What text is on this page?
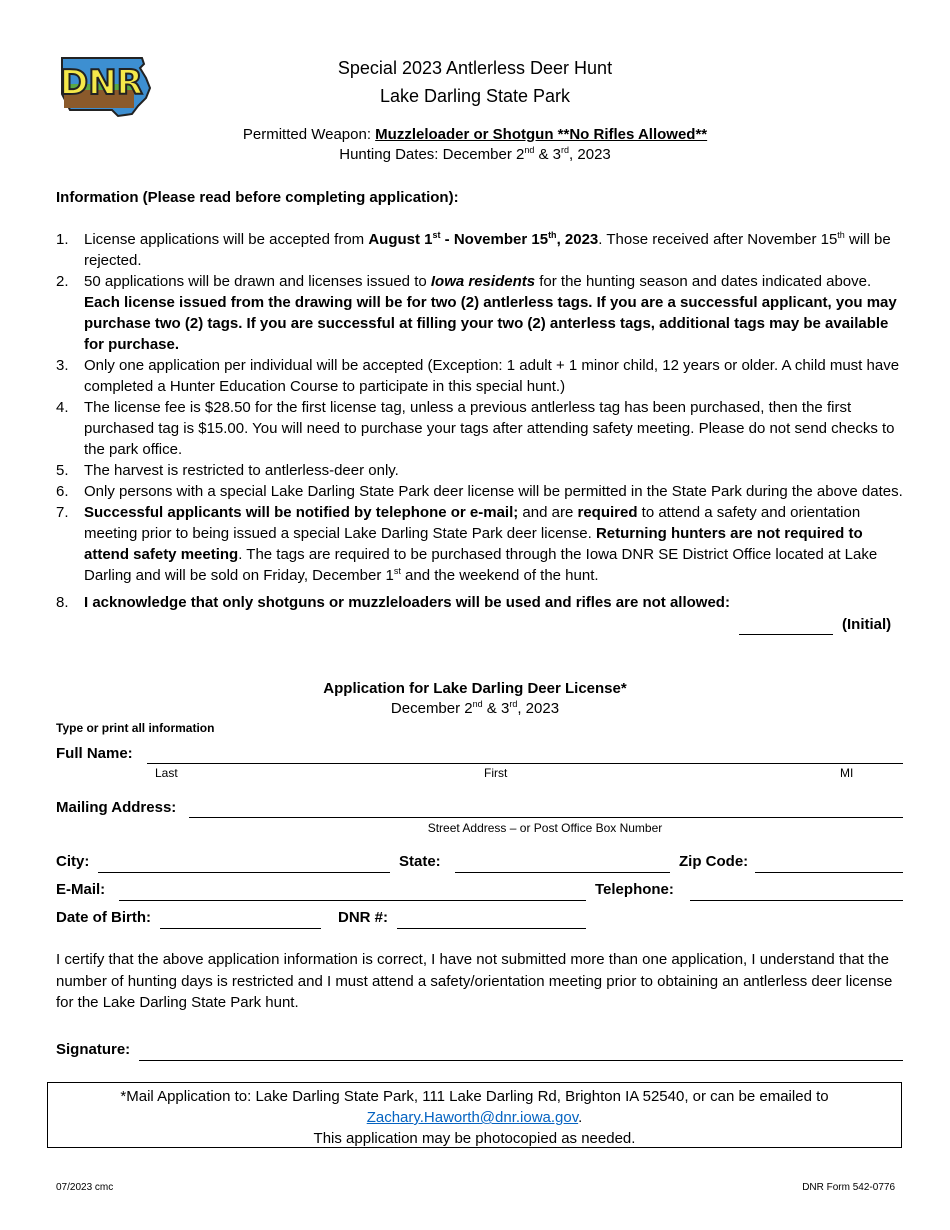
DNR	Special 2023 Antlerless Deer Hunt
Lake Darling State Park
Permitted Weapon: Muzzleloader or Shotgun **No Rifles Allowed**
Hunting Dates: December 2nd & 3rd, 2023
Information (Please read before completing application):
1. License applications will be accepted from August 1st - November 15th, 2023. Those received after November 15th will be rejected.
2. 50 applications will be drawn and licenses issued to Iowa residents for the hunting season and dates indicated above. Each license issued from the drawing will be for two (2) antlerless tags. If you are a successful applicant, you may purchase two (2) tags. If you are successful at filling your two (2) anterless tags, additional tags may be available for purchase.
3. Only one application per individual will be accepted (Exception: 1 adult + 1 minor child, 12 years or older. A child must have completed a Hunter Education Course to participate in this special hunt.)
4. The license fee is $28.50 for the first license tag, unless a previous antlerless tag has been purchased, then the first purchased tag is $15.00. You will need to purchase your tags after attending safety meeting. Please do not send checks to the park office.
5. The harvest is restricted to antlerless-deer only.
6. Only persons with a special Lake Darling State Park deer license will be permitted in the State Park during the above dates.
7. Successful applicants will be notified by telephone or e-mail; and are required to attend a safety and orientation meeting prior to being issued a special Lake Darling State Park deer license. Returning hunters are not required to attend safety meeting. The tags are required to be purchased through the Iowa DNR SE District Office located at Lake Darling and will be sold on Friday, December 1st and the weekend of the hunt.
8. I acknowledge that only shotguns or muzzleloaders will be used and rifles are not allowed:
(Initial)
Application for Lake Darling Deer License*
December 2nd & 3rd, 2023
Type or print all information
Full Name:
Last	First	MI
Mailing Address:
Street Address – or Post Office Box Number
City:	State:	Zip Code:
E-Mail:	Telephone:
Date of Birth:	DNR #:
I certify that the above application information is correct, I have not submitted more than one application, I understand that the number of hunting days is restricted and I must attend a safety/orientation meeting prior to obtaining an antlerless deer license for the Lake Darling State Park hunt.
Signature:
*Mail Application to: Lake Darling State Park, 111 Lake Darling Rd, Brighton IA 52540, or can be emailed to
Zachary.Haworth@dnr.iowa.gov.
This application may be photocopied as needed.
07/2023 cmc	DNR Form 542-0776
